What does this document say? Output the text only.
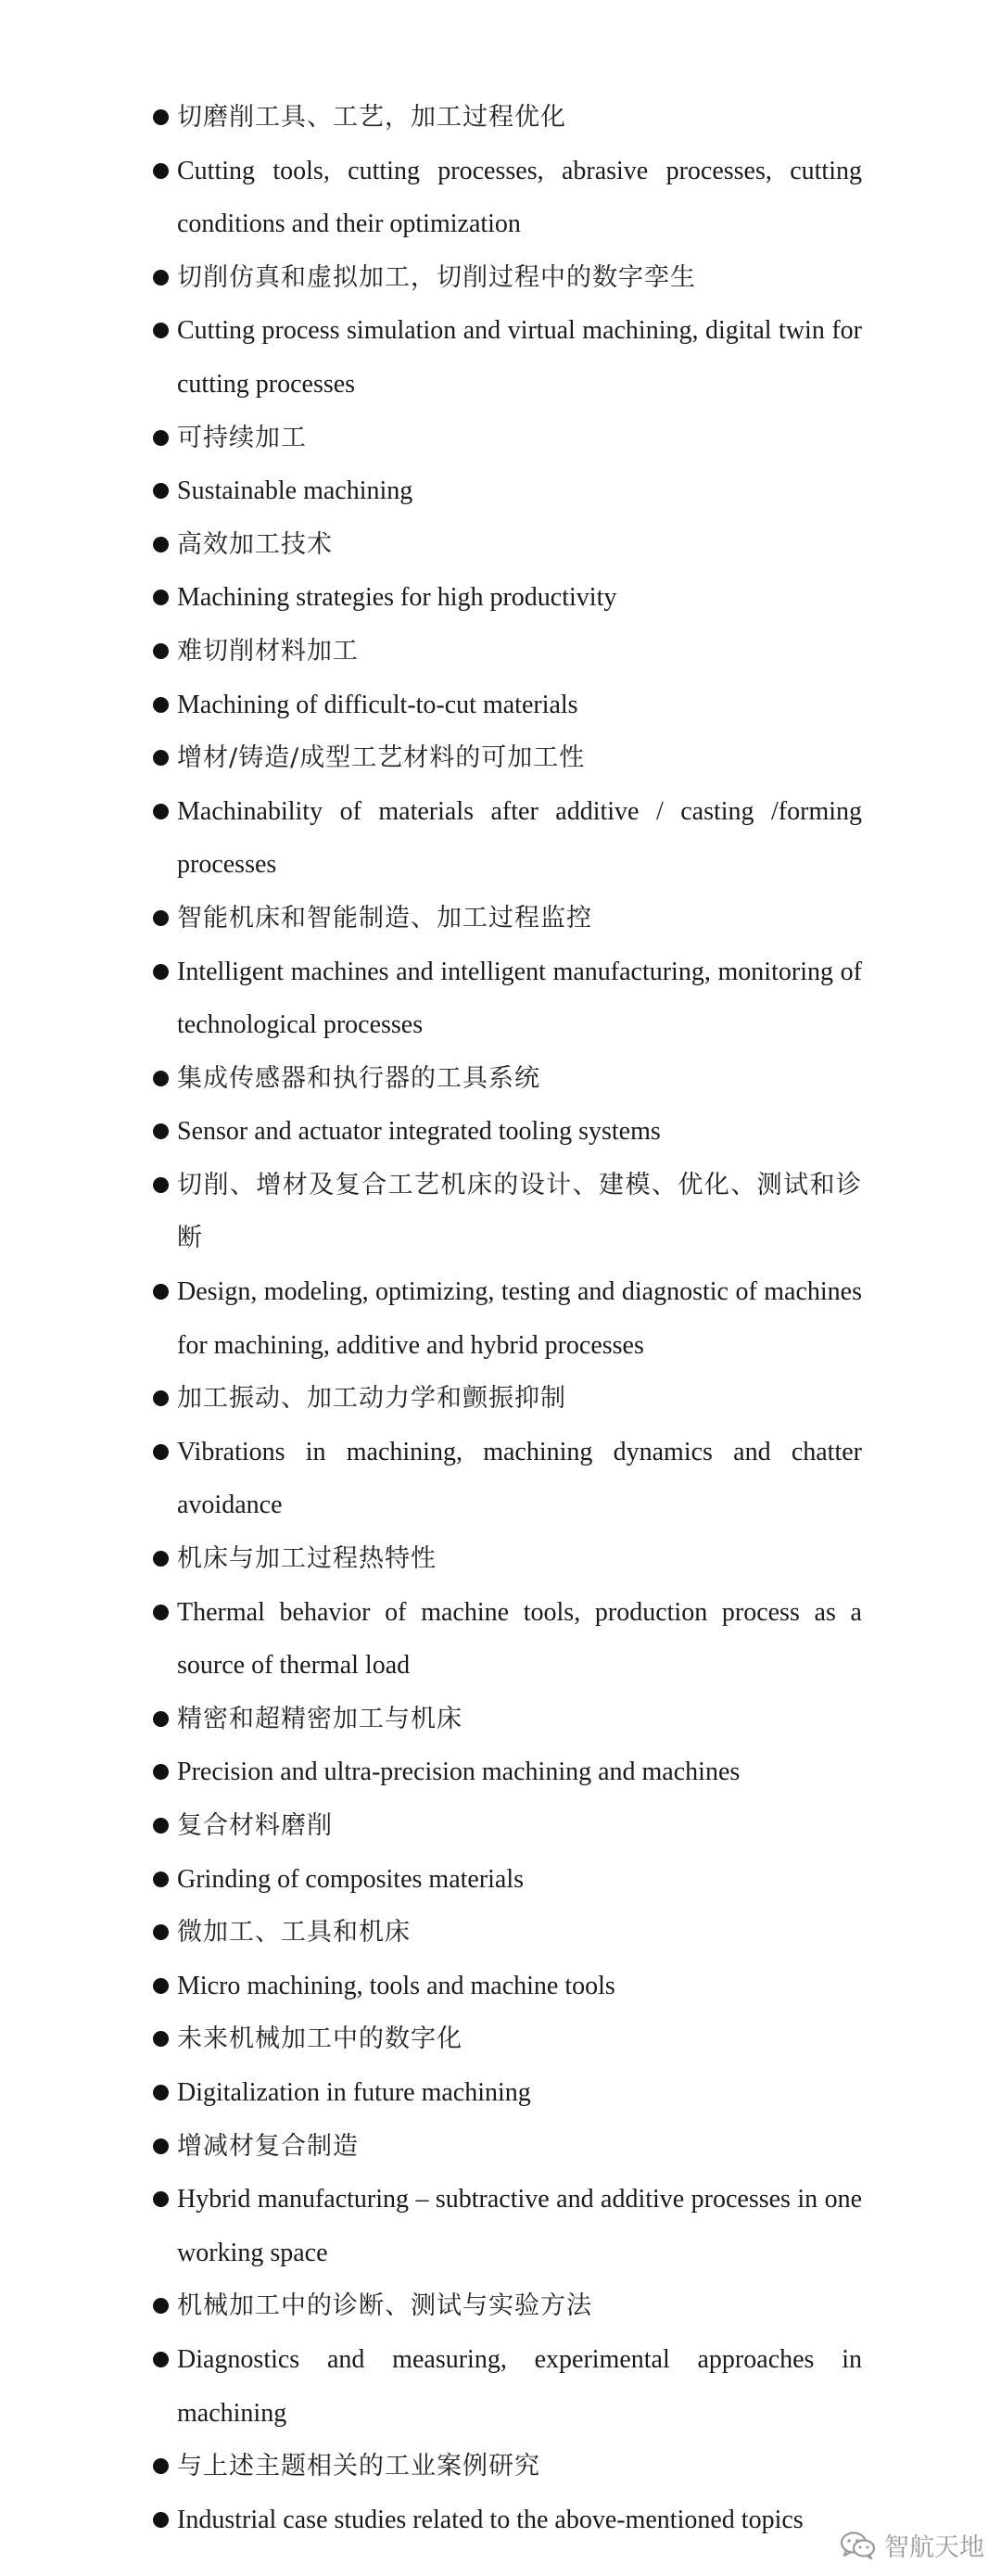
切磨削工具、工艺，加工过程优化
Cutting tools, cutting processes, abrasive processes, cutting conditions and their optimization
切削仿真和虚拟加工，切削过程中的数字孪生
Cutting process simulation and virtual machining, digital twin for cutting processes
可持续加工
Sustainable machining
高效加工技术
Machining strategies for high productivity
难切削材料加工
Machining of difficult-to-cut materials
增材/铸造/成型工艺材料的可加工性
Machinability of materials after additive / casting /forming processes
智能机床和智能制造、加工过程监控
Intelligent machines and intelligent manufacturing, monitoring of technological processes
集成传感器和执行器的工具系统
Sensor and actuator integrated tooling systems
切削、增材及复合工艺机床的设计、建模、优化、测试和诊断
Design, modeling, optimizing, testing and diagnostic of machines for machining, additive and hybrid processes
加工振动、加工动力学和颤振抑制
Vibrations in machining, machining dynamics and chatter avoidance
机床与加工过程热特性
Thermal behavior of machine tools, production process as a source of thermal load
精密和超精密加工与机床
Precision and ultra-precision machining and machines
复合材料磨削
Grinding of composites materials
微加工、工具和机床
Micro machining, tools and machine tools
未来机械加工中的数字化
Digitalization in future machining
增减材复合制造
Hybrid manufacturing – subtractive and additive processes in one working space
机械加工中的诊断、测试与实验方法
Diagnostics and measuring, experimental approaches in machining
与上述主题相关的工业案例研究
Industrial case studies related to the above-mentioned topics
智航天地
